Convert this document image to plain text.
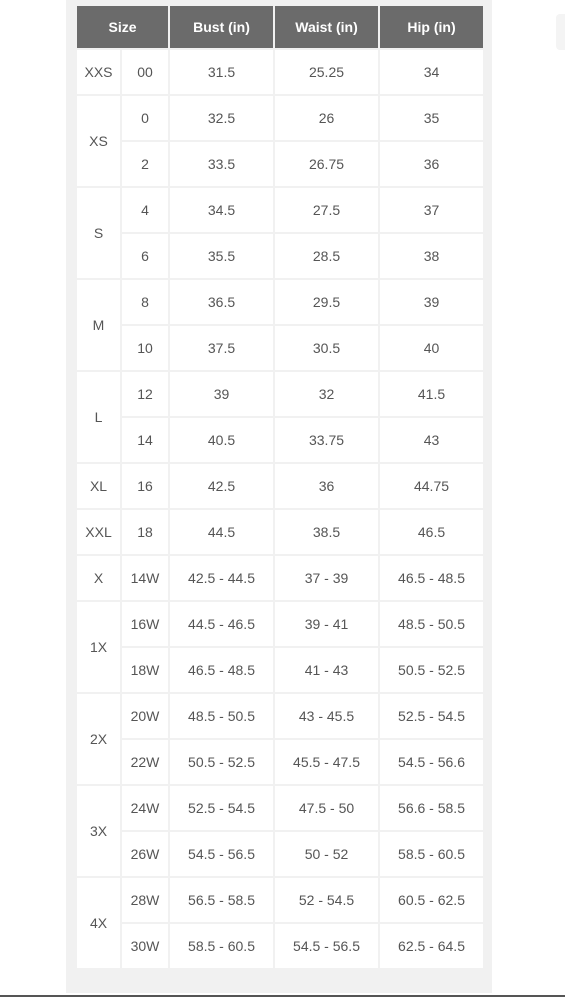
Size		Bust (in)	Waist (in)	Hip (in)
XXS	00	31.5	25.25	34
XS	0	32.5	26	35
	2	33.5	26.75	36
S	4	34.5	27.5	37
	6	35.5	28.5	38
M	8	36.5	29.5	39
	10	37.5	30.5	40
L	12	39	32	41.5
	14	40.5	33.75	43
XL	16	42.5	36	44.75
XXL	18	44.5	38.5	46.5
X	14W	42.5 - 44.5	37 - 39	46.5 - 48.5
1X	16W	44.5 - 46.5	39 - 41	48.5 - 50.5
	18W	46.5 - 48.5	41 - 43	50.5 - 52.5
2X	20W	48.5 - 50.5	43 - 45.5	52.5 - 54.5
	22W	50.5 - 52.5	45.5 - 47.5	54.5 - 56.6
3X	24W	52.5 - 54.5	47.5 - 50	56.6 - 58.5
	26W	54.5 - 56.5	50 - 52	58.5 - 60.5
4X	28W	56.5 - 58.5	52 - 54.5	60.5 - 62.5
	30W	58.5 - 60.5	54.5 - 56.5	62.5 - 64.5
